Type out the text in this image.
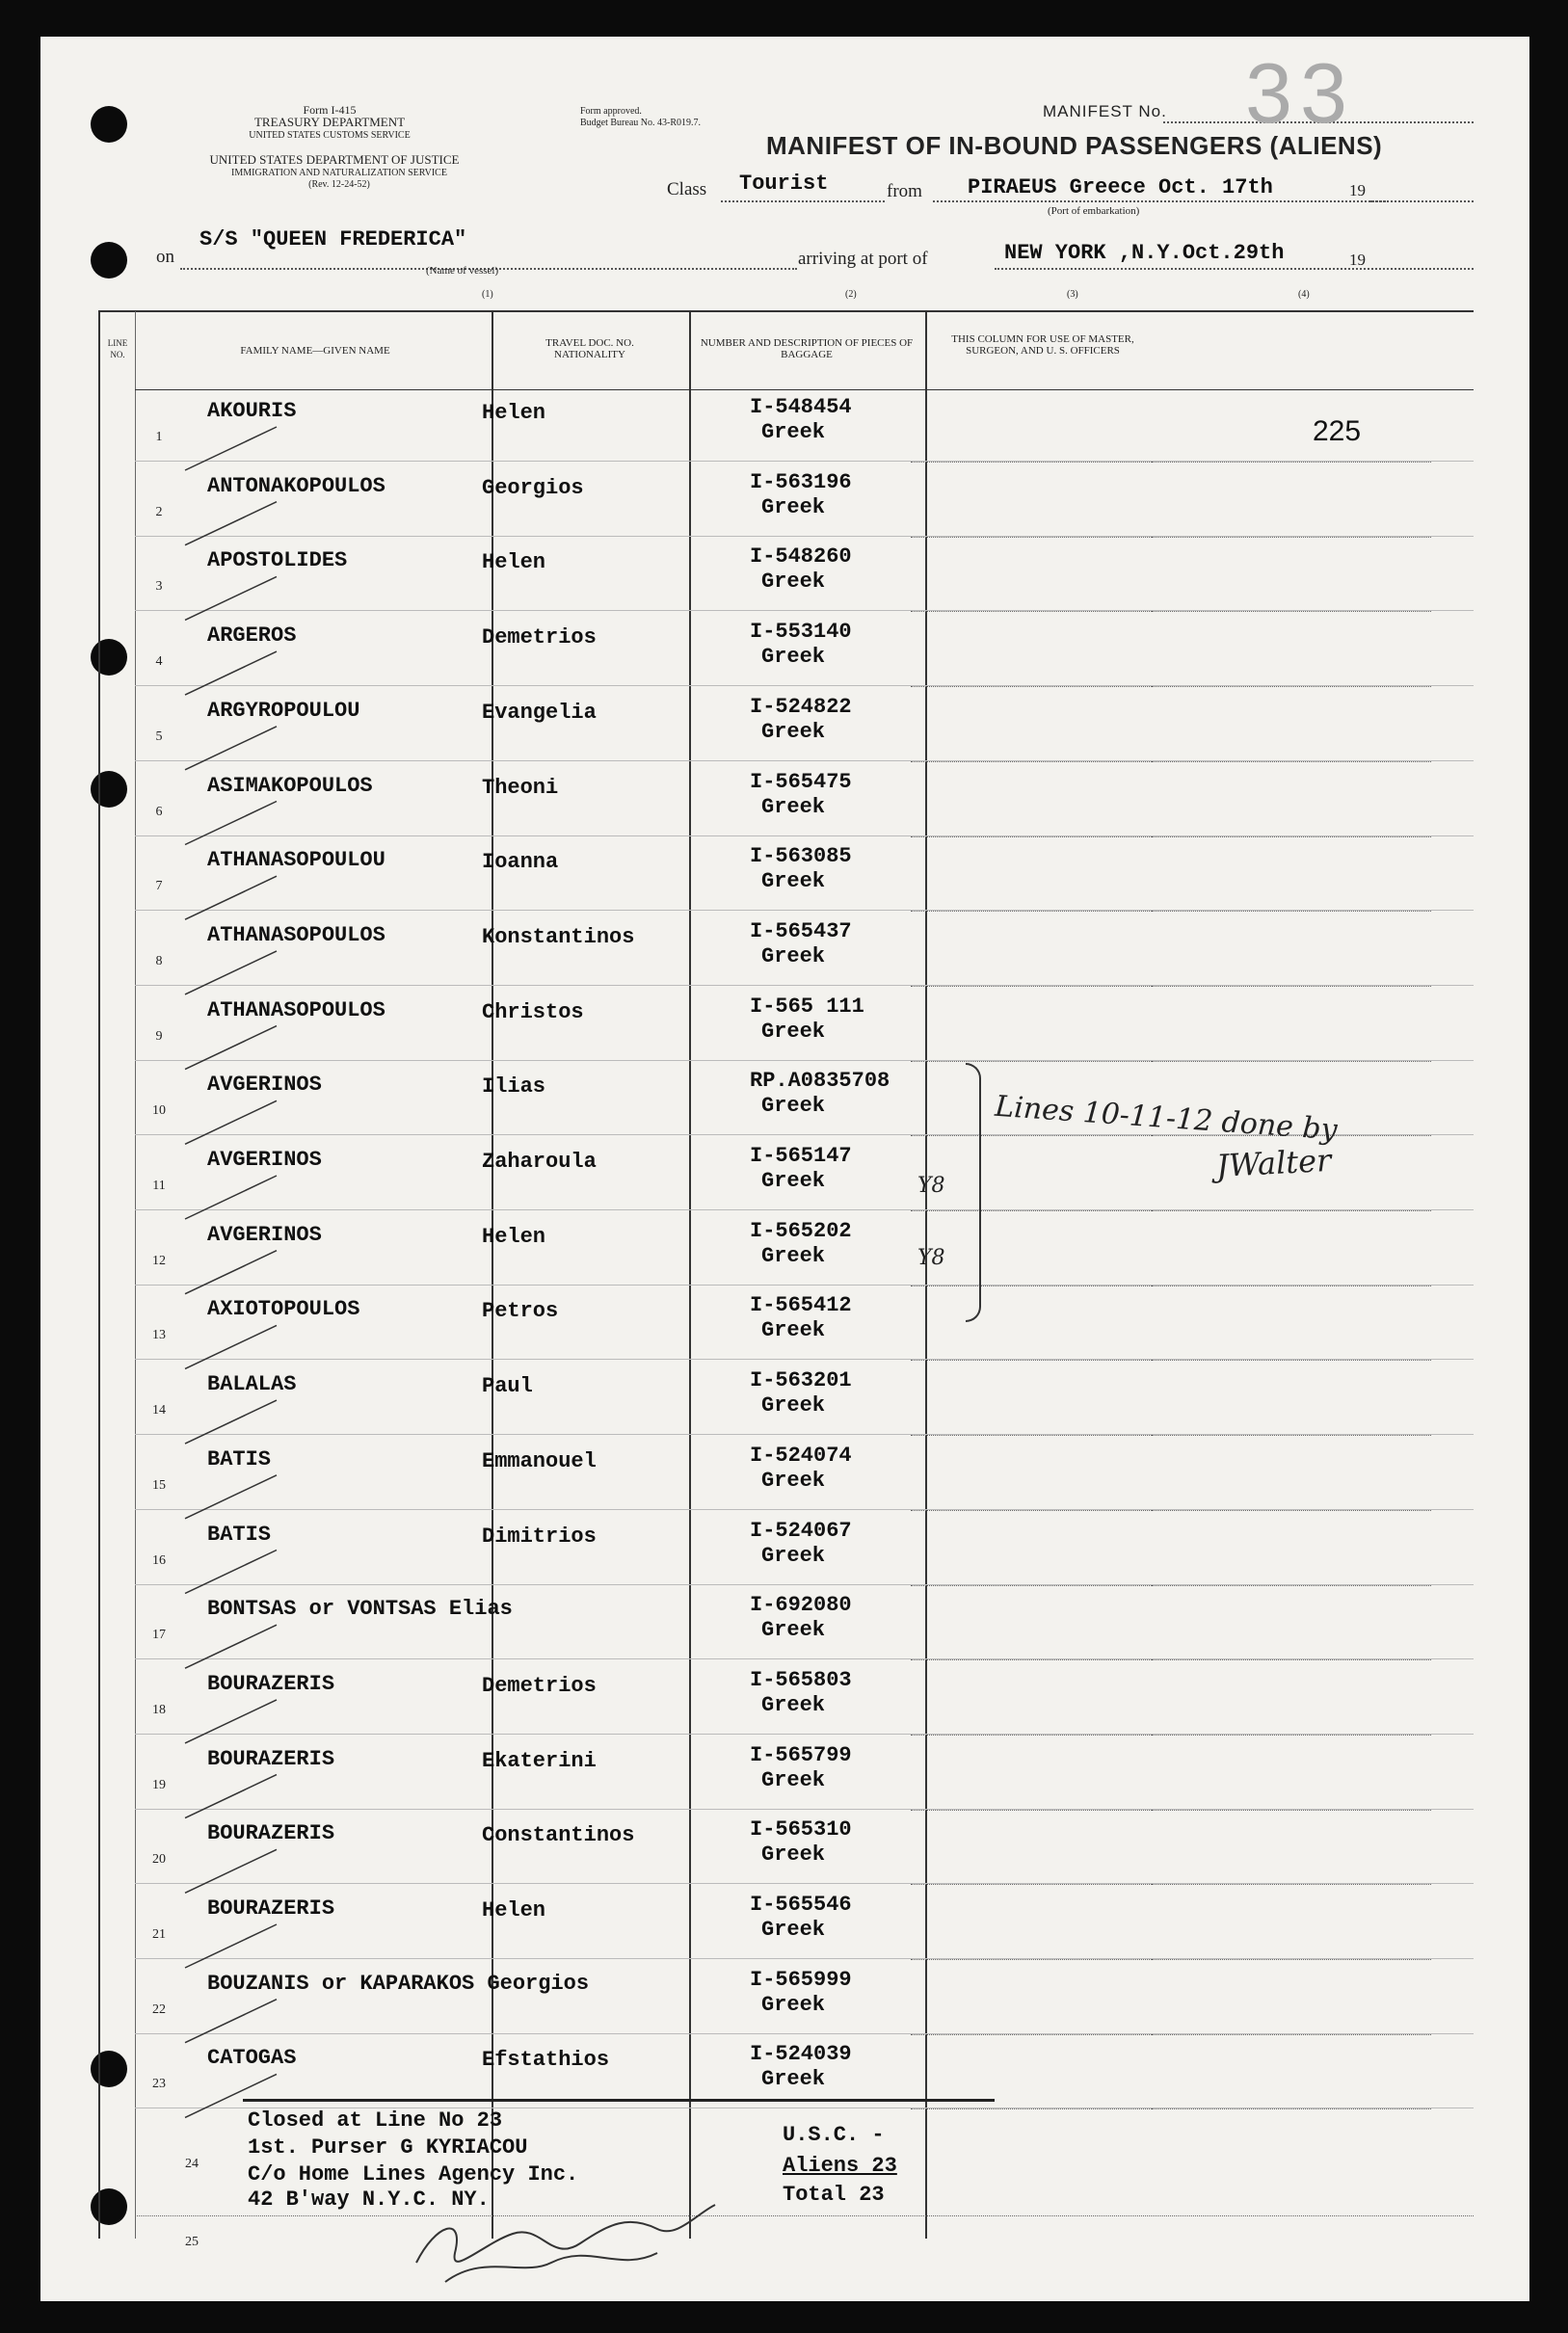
Form I-415
TREASURY DEPARTMENT
UNITED STATES CUSTOMS SERVICE
UNITED STATES DEPARTMENT OF JUSTICE
IMMIGRATION AND NATURALIZATION SERVICE
(Rev. 12-24-52)
Form approved.
Budget Bureau No. 43-R019.7.
MANIFEST No. 33
MANIFEST OF IN-BOUND PASSENGERS (ALIENS)
Class Tourist	from PIRAEUS Greece Oct. 17th	19
(Port of embarkation)
on
S/S "QUEEN FREDERICA"
(Name of vessel)
arriving at port of	NEW YORK ,N.Y.Oct.29th	19
(1)	(2)	(3)	(4)
LINE NO.	FAMILY NAME—GIVEN NAME
TRAVEL DOC. NO. NATIONALITY
NUMBER AND DESCRIPTION OF PIECES OF BAGGAGE
THIS COLUMN FOR USE OF MASTER, SURGEON, AND U. S. OFFICERS
1
AKOURIS	Helen	I-548454
Greek
2
ANTONAKOPOULOS	Georgios	I-563196
Greek
3
APOSTOLIDES	Helen	I-548260
Greek
4
ARGEROS	Demetrios	I-553140
Greek
5
ARGYROPOULOU	Evangelia	I-524822
Greek
6
ASIMAKOPOULOS	Theoni	I-565475
Greek
7
ATHANASOPOULOU	Ioanna	I-563085
Greek
8
ATHANASOPOULOS	Konstantinos	I-565437
Greek
9
ATHANASOPOULOS	Christos	I-565 111
Greek
10
AVGERINOS	Ilias	RP.A0835708
Greek
11
AVGERINOS	Zaharoula	I-565147
Greek
12
AVGERINOS	Helen	I-565202
Greek
13
AXIOTOPOULOS	Petros	I-565412
Greek
14
BALALAS	Paul	I-563201
Greek
15
BATIS	Emmanouel	I-524074
Greek
16
BATIS	Dimitrios	I-524067
Greek
17
BONTSAS or VONTSAS Elias	I-692080
Greek
18
BOURAZERIS	Demetrios	I-565803
Greek
19
BOURAZERIS	Ekaterini	I-565799
Greek
20
BOURAZERIS	Constantinos	I-565310
Greek
21
BOURAZERIS	Helen	I-565546
Greek
22
BOUZANIS or KAPARAKOS Georgios	I-565999
Greek
23
CATOGAS	Efstathios	I-524039
Greek
225
24
25
Closed at Line No 23
1st. Purser G KYRIACOU
C/o Home Lines Agency Inc.
42 B'way N.Y.C. NY.
U.S.C. -
Aliens 23
Total 23
Lines 10-11-12 done by
JWalter
Y8
Y8
